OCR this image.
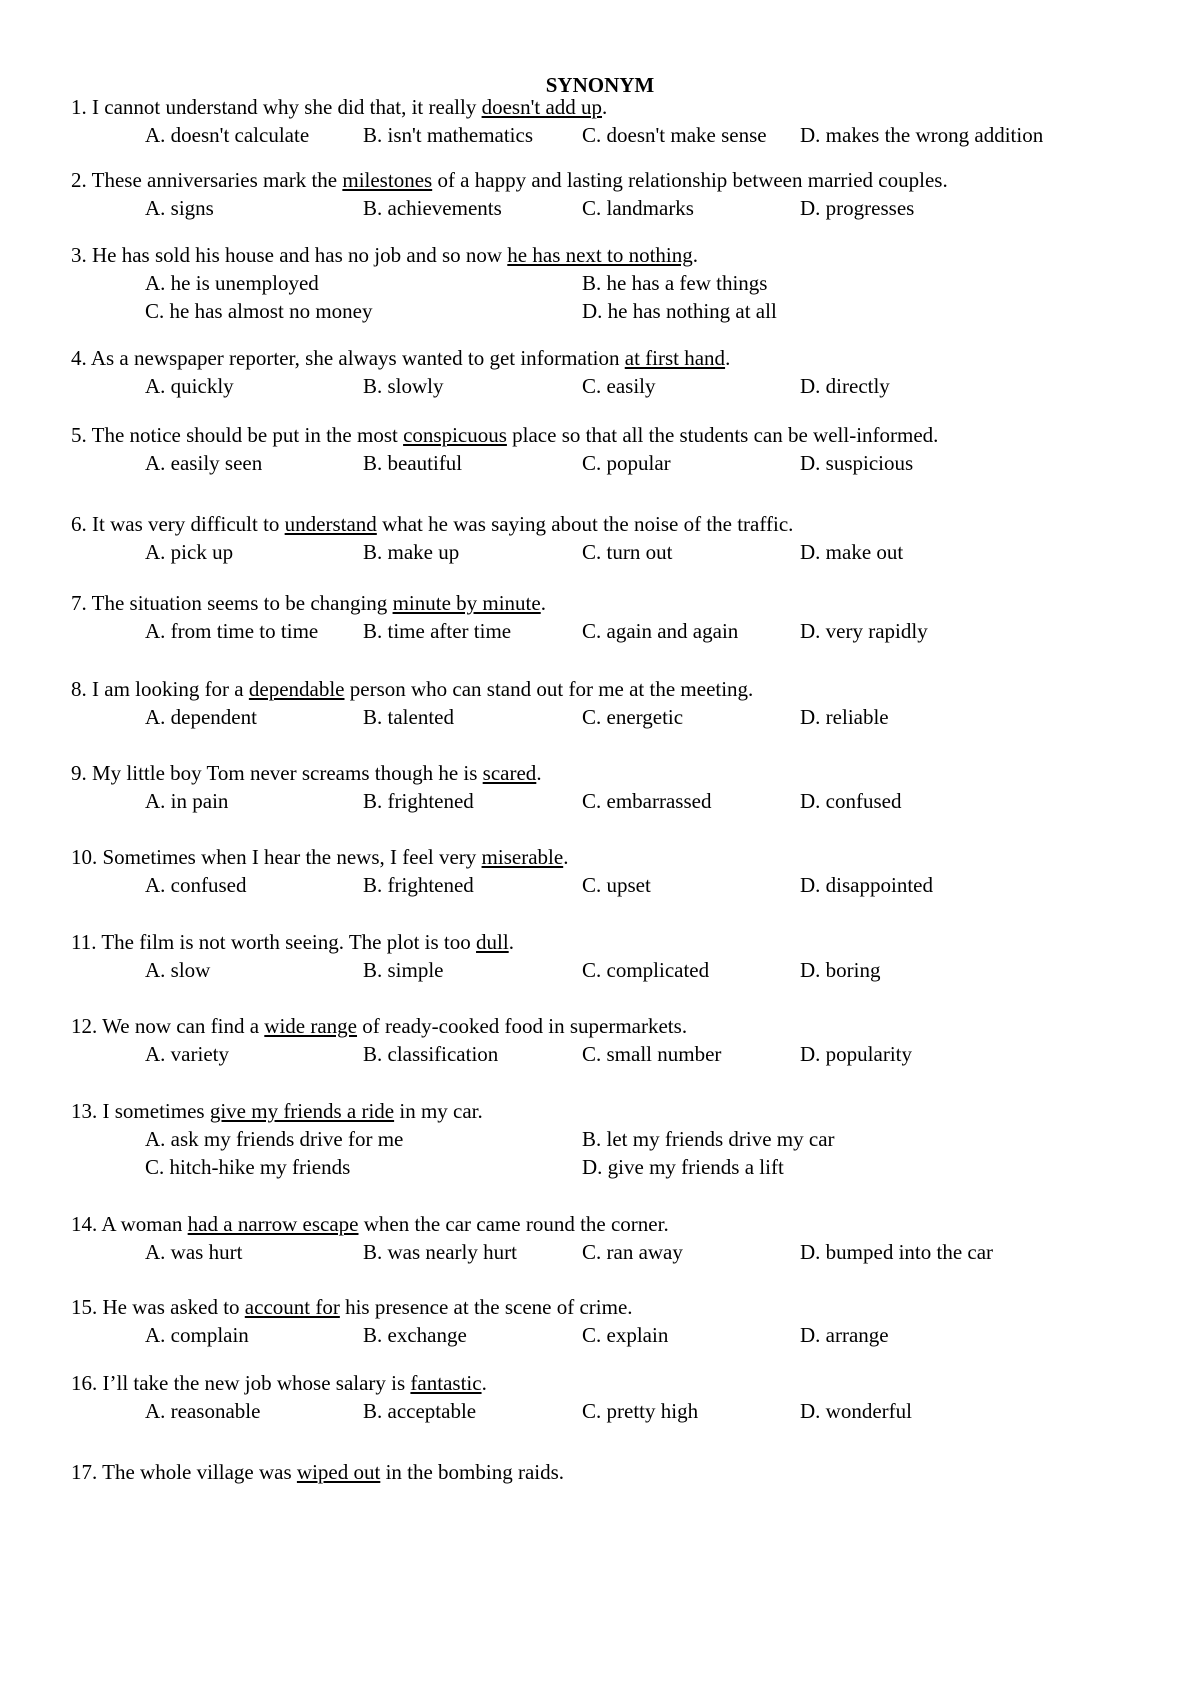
SYNONYM
1. I cannot understand why she did that, it really doesn't add up.
A. doesn't calculate	B. isn't mathematics C. doesn't make sense D. makes the wrong addition
2. These anniversaries mark the milestones of a happy and lasting relationship between married couples.
A. signs	B. achievements	C. landmarks	D. progresses
3. He has sold his house and has no job and so now he has next to nothing.
A. he is unemployed	B. he has a few things
C. he has almost no money	D. he has nothing at all
4. As a newspaper reporter, she always wanted to get information at first hand.
A. quickly	B. slowly	C. easily	D. directly
5. The notice should be put in the most conspicuous place so that all the students can be well-informed.
A. easily seen	B. beautiful	C. popular	D. suspicious
6. It was very difficult to understand what he was saying about the noise of the traffic.
A. pick up	B. make up	C. turn out	D. make out
7. The situation seems to be changing minute by minute.
A. from time to time B. time after time	C. again and again	D. very rapidly
8. I am looking for a dependable person who can stand out for me at the meeting.
A. dependent	B. talented	C. energetic	D. reliable
9. My little boy Tom never screams though he is scared.
A. in pain	B. frightened	C. embarrassed	D. confused
10. Sometimes when I hear the news, I feel very miserable.
A. confused	B. frightened	C. upset	D. disappointed
11. The film is not worth seeing. The plot is too dull.
A. slow	B. simple	C. complicated	D. boring
12. We now can find a wide range of ready-cooked food in supermarkets.
A. variety	B. classification	C. small number	D. popularity
13. I sometimes give my friends a ride in my car.
A. ask my friends drive for me	B. let my friends drive my car
C. hitch-hike my friends	D. give my friends a lift
14. A woman had a narrow escape when the car came round the corner.
A. was hurt	B. was nearly hurt	C. ran away	D. bumped into the car
15. He was asked to account for his presence at the scene of crime.
A. complain	B. exchange	C. explain	D. arrange
16. I’ll take the new job whose salary is fantastic.
A. reasonable	B. acceptable	C. pretty high	D. wonderful
17. The whole village was wiped out in the bombing raids.
